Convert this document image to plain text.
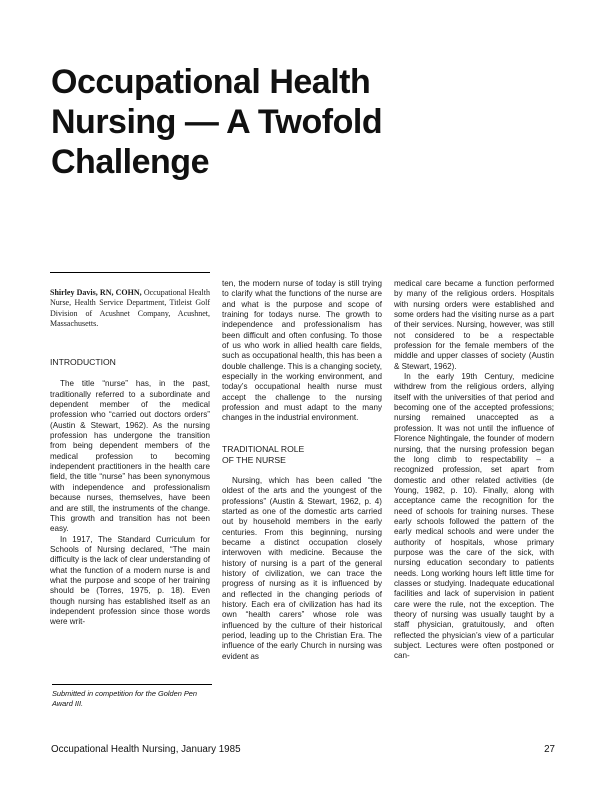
Occupational Health
Nursing — A Twofold
Challenge

Shirley Davis, RN, COHN, Occupational Health Nurse, Health Service Department, Titleist Golf Division of Acushnet Company, Acushnet, Massachusetts.

INTRODUCTION

The title “nurse” has, in the past, traditionally referred to a subordinate and dependent member of the medical profession who “carried out doctors orders” (Austin & Stewart, 1962). As the nursing profession has undergone the transition from being dependent members of the medical profession to becoming independent practitioners in the health care field, the title “nurse” has been synonymous with independence and professionalism because nurses, themselves, have been and are still, the instruments of the change. This growth and transition has not been easy.

In 1917, The Standard Curriculum for Schools of Nursing declared, “The main difficulty is the lack of clear understanding of what the function of a modern nurse is and what the purpose and scope of her training should be (Torres, 1975, p. 18). Even though nursing has established itself as an independent profession since those words were writ-

ten, the modern nurse of today is still trying to clarify what the functions of the nurse are and what is the purpose and scope of training for todays nurse. The growth to independence and professionalism has been difficult and often confusing. To those of us who work in allied health care fields, such as occupational health, this has been a double challenge. This is a changing society, especially in the working environment, and today’s occupational health nurse must accept the challenge to the nursing profession and must adapt to the many changes in the industrial environment.

TRADITIONAL ROLE
OF THE NURSE

Nursing, which has been called “the oldest of the arts and the youngest of the professions” (Austin & Stewart, 1962, p. 4) started as one of the domestic arts carried out by household members in the early centuries. From this beginning, nursing became a distinct occupation closely interwoven with medicine. Because the history of nursing is a part of the general history of civilization, we can trace the progress of nursing as it is influenced by and reflected in the changing periods of history. Each era of civilization has had its own “health carers” whose role was influenced by the culture of their historical period, leading up to the Christian Era. The influence of the early Church in nursing was evident as

medical care became a function performed by many of the religious orders. Hospitals with nursing orders were established and some orders had the visiting nurse as a part of their services. Nursing, however, was still not considered to be a respectable profession for the female members of the middle and upper classes of society (Austin & Stewart, 1962).

In the early 19th Century, medicine withdrew from the religious orders, allying itself with the universities of that period and becoming one of the accepted professions; nursing remained unaccepted as a profession. It was not until the influence of Florence Nightingale, the founder of modern nursing, that the nursing profession began the long climb to respectability – a recognized profession, set apart from domestic and other related activities (de Young, 1982, p. 10). Finally, along with acceptance came the recognition for the need of schools for training nurses. These early schools followed the pattern of the early medical schools and were under the authority of hospitals, whose primary purpose was the care of the sick, with nursing education secondary to patients needs. Long working hours left little time for classes or studying. Inadequate educational facilities and lack of supervision in patient care were the rule, not the exception. The theory of nursing was usually taught by a staff physician, gratuitously, and often reflected the physician’s view of a particular subject. Lectures were often postponed or can-

Submitted in competition for the Golden Pen Award III.
Occupational Health Nursing, January 1985	27
